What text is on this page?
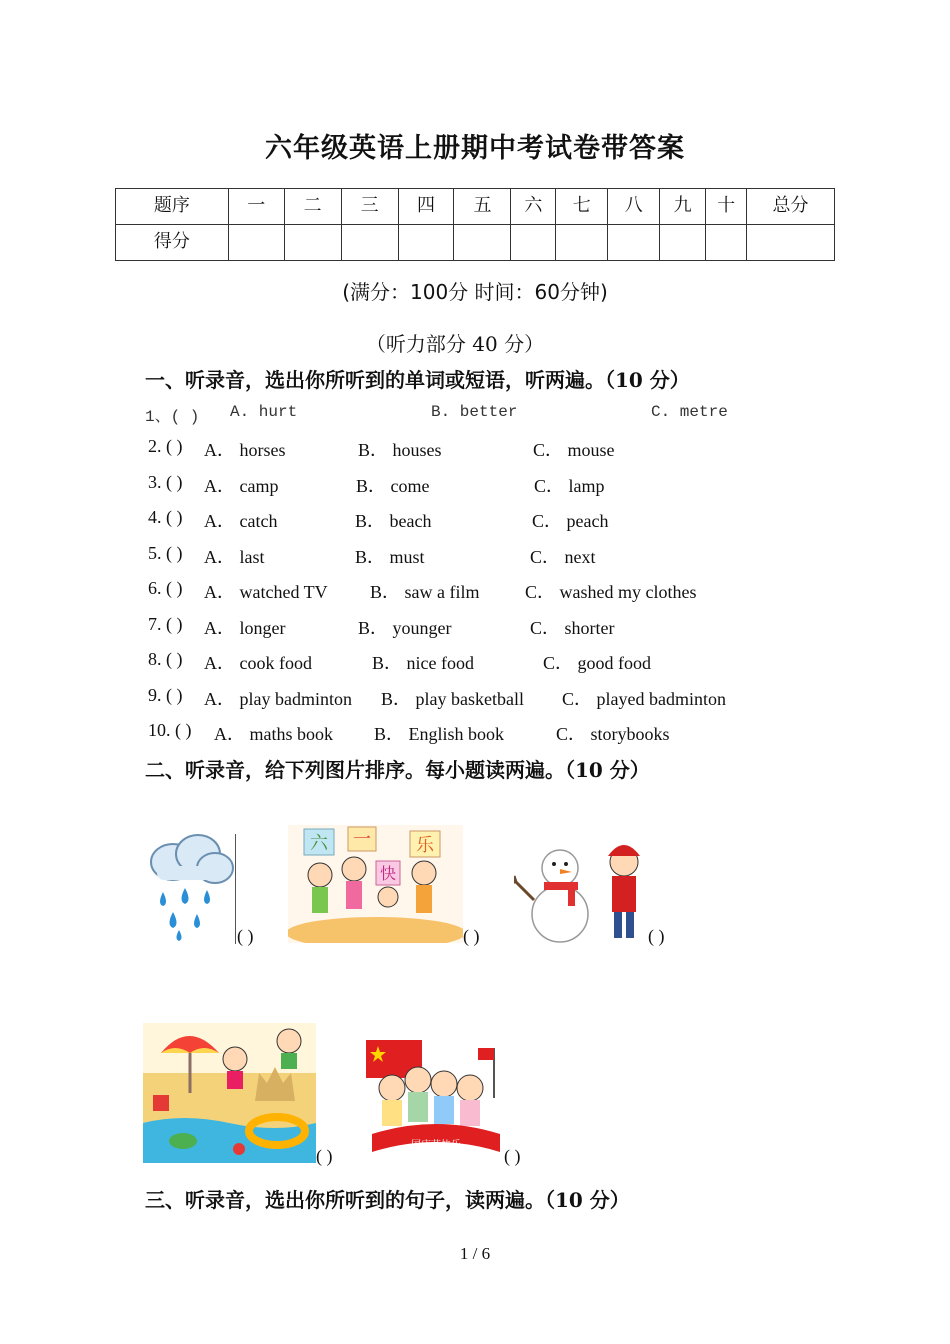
六年级英语上册期中考试卷带答案
题序	一	二	三	四	五	六	七	八	九	十	总分
得分											
(满分：100分 时间：60分钟)
（听力部分 40 分）
一、听录音，选出你所听到的单词或短语，听两遍。（10 分）
1、( ) A. hurt	B. better	C. metre
2. ( ) A． horses	B． houses	C． mouse
3. ( ) A． camp	B． come	C． lamp
4. ( ) A． catch	B． beach	C． peach
5. ( ) A． last	B． must	C． next
6. ( ) A． watched TV B． saw a film	C． washed my clothes
7. ( ) A． longer	B． younger	C． shorter
8. ( ) A． cook food	B． nice food	C． good food
9. ( ) A． play badminton B． play basketball C． played badminton
10. ( ) A． maths book B． English book	C． storybooks
二、听录音，给下列图片排序。每小题读两遍。（10 分）
( )
六 一
快
乐
( )	( )
( )
国庆节快乐
( )
三、听录音，选出你所听到的句子，读两遍。（10 分）
1 / 6
